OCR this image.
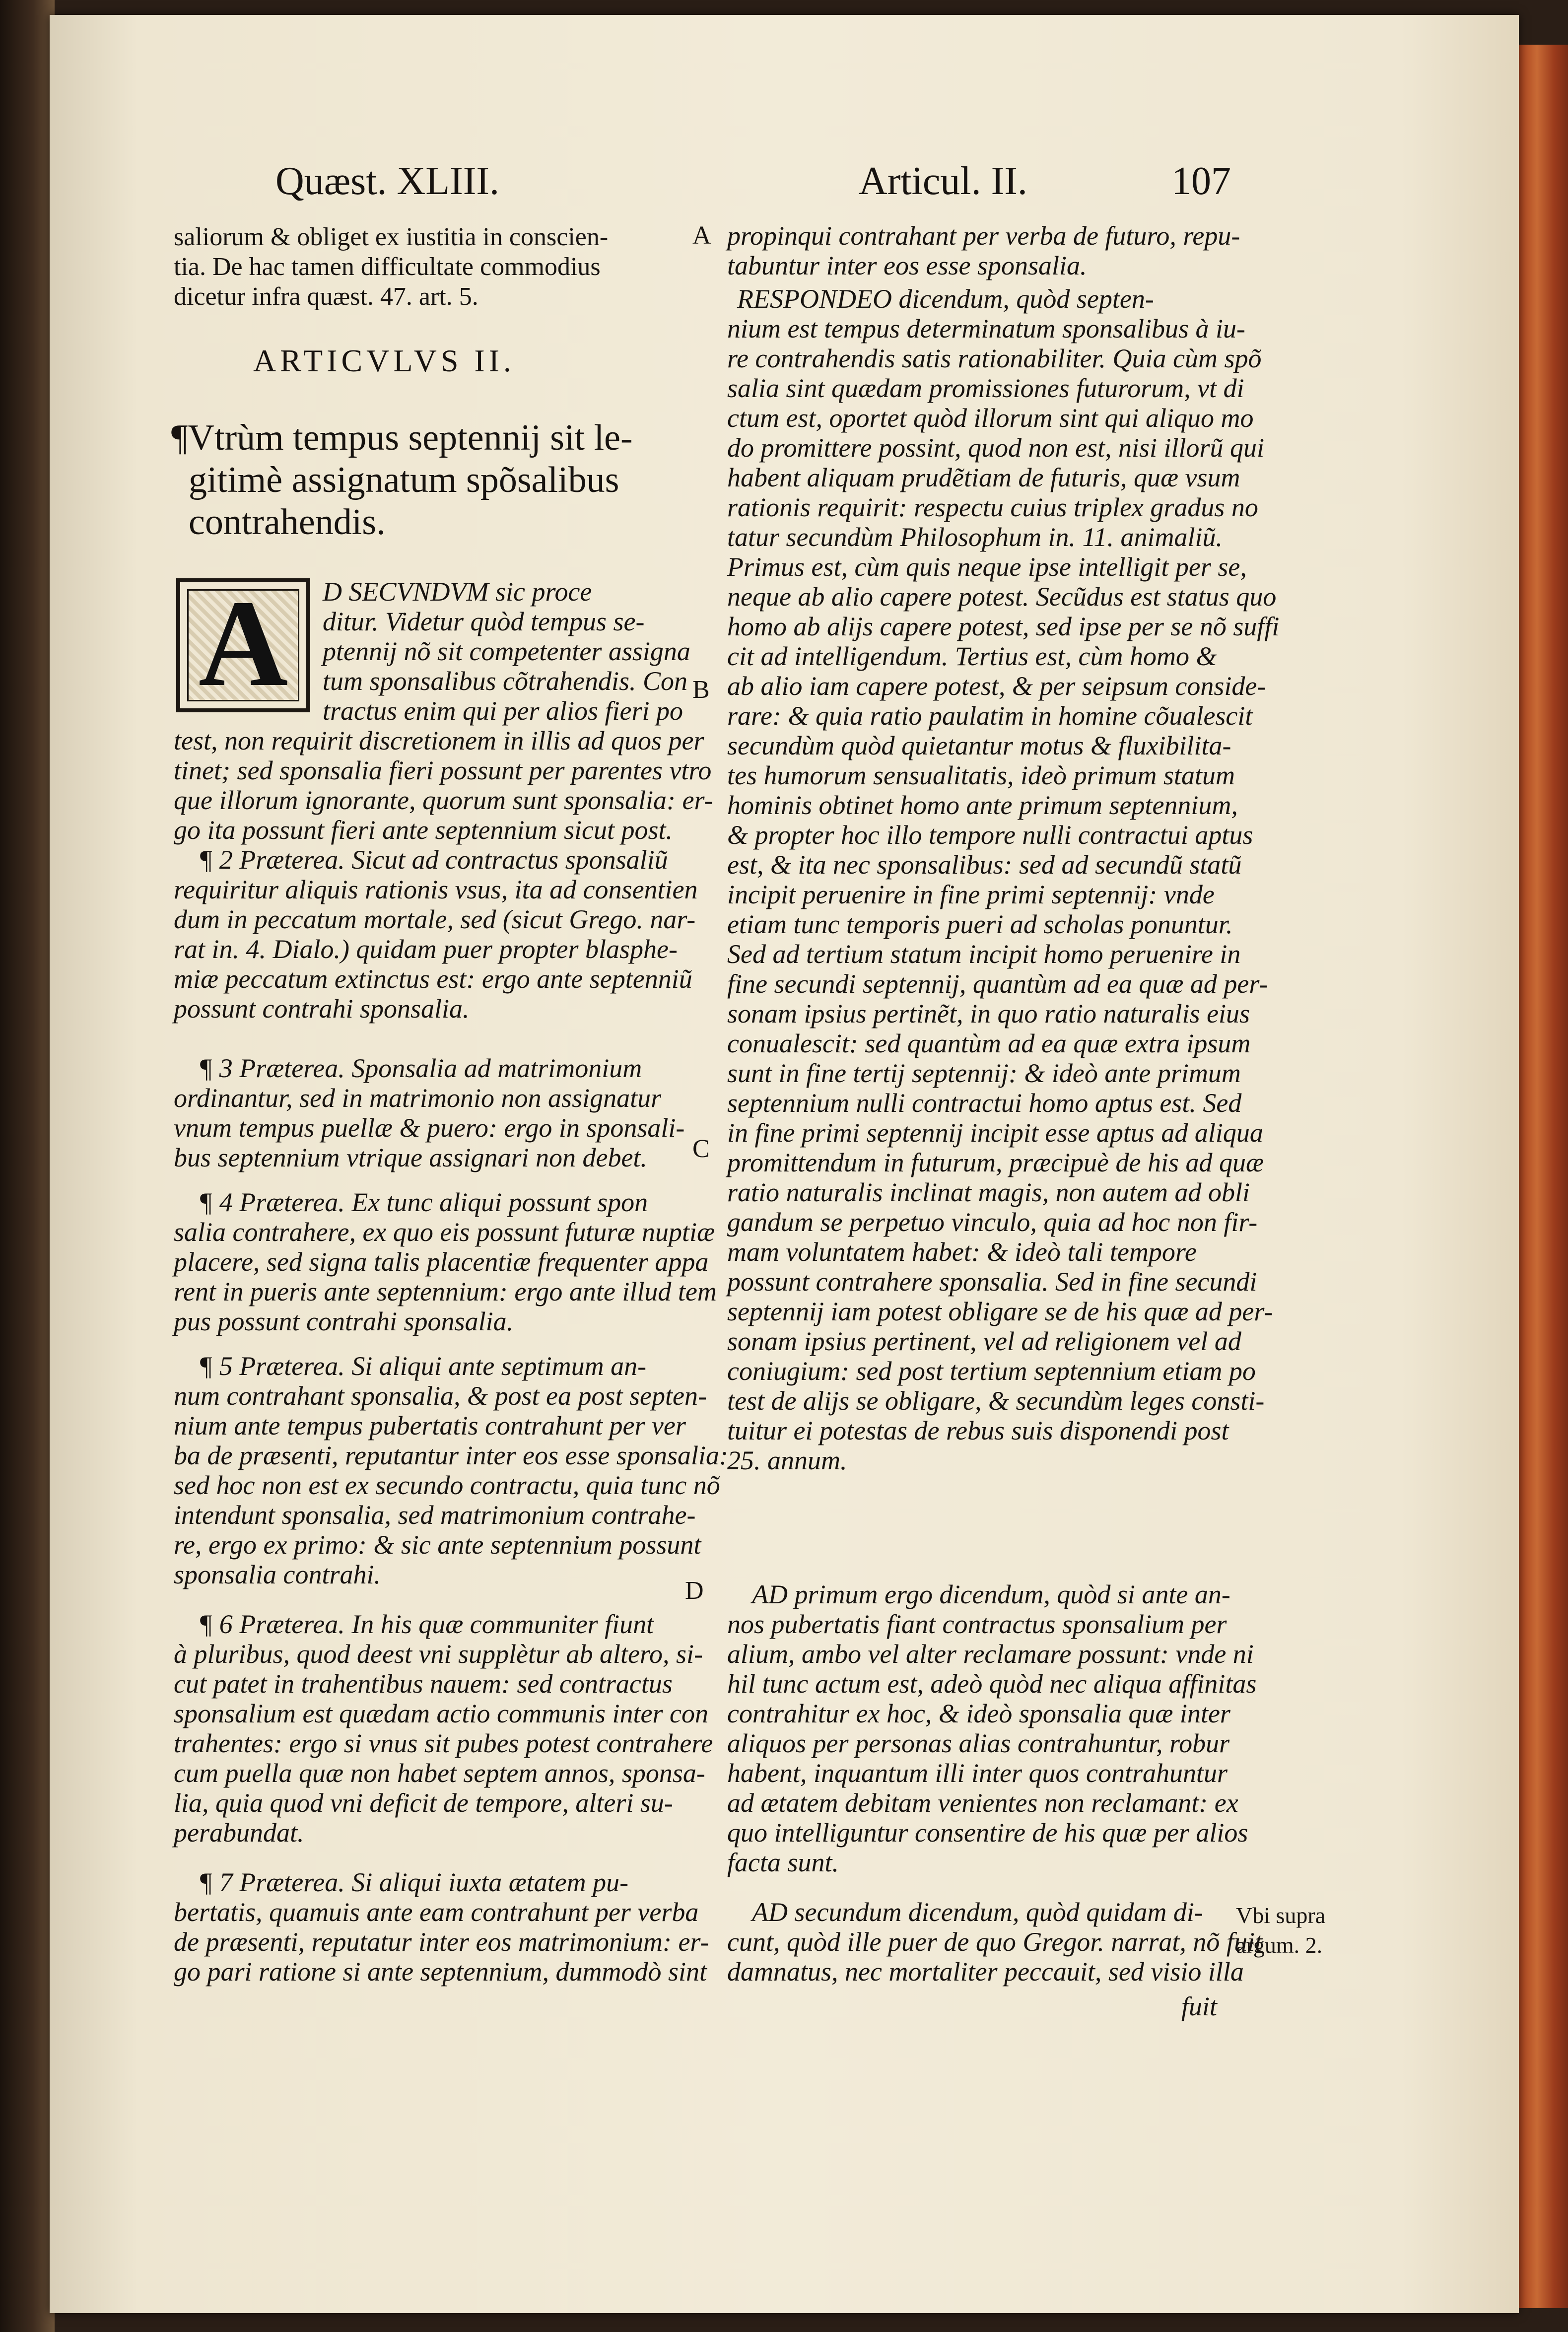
Quæst. XLIII.	Articul. II.	107
saliorum & obliget ex iustitia in conscien-
tia. De hac tamen difficultate commodius
dicetur infra quæst. 47. art. 5.
ARTICVLVS II.
¶Vtrùm tempus septennij sit le-
gitimè assignatum spõsalibus
contrahendis.
A	D SECVNDVM sic proce
ditur. Videtur quòd tempus se-
ptennij nõ sit competenter assigna
tum sponsalibus cõtrahendis. Con
tractus enim qui per alios fieri po
test, non requirit discretionem in illis ad quos per
tinet; sed sponsalia fieri possunt per parentes vtro
que illorum ignorante, quorum sunt sponsalia: er-
go ita possunt fieri ante septennium sicut post.
¶ 2 Præterea. Sicut ad contractus sponsaliũ
requiritur aliquis rationis vsus, ita ad consentien
dum in peccatum mortale, sed (sicut Grego. nar-
rat in. 4. Dialo.) quidam puer propter blasphe-
miæ peccatum extinctus est: ergo ante septenniũ
possunt contrahi sponsalia.
¶ 3 Præterea. Sponsalia ad matrimonium
ordinantur, sed in matrimonio non assignatur
vnum tempus puellæ & puero: ergo in sponsali-
bus septennium vtrique assignari non debet.
¶ 4 Præterea. Ex tunc aliqui possunt spon
salia contrahere, ex quo eis possunt futuræ nuptiæ
placere, sed signa talis placentiæ frequenter appa
rent in pueris ante septennium: ergo ante illud tem
pus possunt contrahi sponsalia.
¶ 5 Præterea. Si aliqui ante septimum an-
num contrahant sponsalia, & post ea post septen-
nium ante tempus pubertatis contrahunt per ver
ba de præsenti, reputantur inter eos esse sponsalia:
sed hoc non est ex secundo contractu, quia tunc nõ
intendunt sponsalia, sed matrimonium contrahe-
re, ergo ex primo: & sic ante septennium possunt
sponsalia contrahi.
¶ 6 Præterea. In his quæ communiter fiunt
à pluribus, quod deest vni supplètur ab altero, si-
cut patet in trahentibus nauem: sed contractus
sponsalium est quædam actio communis inter con
trahentes: ergo si vnus sit pubes potest contrahere
cum puella quæ non habet septem annos, sponsa-
lia, quia quod vni deficit de tempore, alteri su-
perabundat.
¶ 7 Præterea. Si aliqui iuxta ætatem pu-
bertatis, quamuis ante eam contrahunt per verba
de præsenti, reputatur inter eos matrimonium: er-
go pari ratione si ante septennium, dummodò sint
A
B
C
D
propinqui contrahant per verba de futuro, repu-
tabuntur inter eos esse sponsalia.
RESPONDEO dicendum, quòd septen-
nium est tempus determinatum sponsalibus à iu-
re contrahendis satis rationabiliter. Quia cùm spõ
salia sint quædam promissiones futurorum, vt di
ctum est, oportet quòd illorum sint qui aliquo mo
do promittere possint, quod non est, nisi illorũ qui
habent aliquam prudẽtiam de futuris, quæ vsum
rationis requirit: respectu cuius triplex gradus no
tatur secundùm Philosophum in. 11. animaliũ.
Primus est, cùm quis neque ipse intelligit per se,
neque ab alio capere potest. Secũdus est status quo
homo ab alijs capere potest, sed ipse per se nõ suffi
cit ad intelligendum. Tertius est, cùm homo &
ab alio iam capere potest, & per seipsum conside-
rare: & quia ratio paulatim in homine cõualescit
secundùm quòd quietantur motus & fluxibilita-
tes humorum sensualitatis, ideò primum statum
hominis obtinet homo ante primum septennium,
& propter hoc illo tempore nulli contractui aptus
est, & ita nec sponsalibus: sed ad secundũ statũ
incipit peruenire in fine primi septennij: vnde
etiam tunc temporis pueri ad scholas ponuntur.
Sed ad tertium statum incipit homo peruenire in
fine secundi septennij, quantùm ad ea quæ ad per-
sonam ipsius pertinẽt, in quo ratio naturalis eius
conualescit: sed quantùm ad ea quæ extra ipsum
sunt in fine tertij septennij: & ideò ante primum
septennium nulli contractui homo aptus est. Sed
in fine primi septennij incipit esse aptus ad aliqua
promittendum in futurum, præcipuè de his ad quæ
ratio naturalis inclinat magis, non autem ad obli
gandum se perpetuo vinculo, quia ad hoc non fir-
mam voluntatem habet: & ideò tali tempore
possunt contrahere sponsalia. Sed in fine secundi
septennij iam potest obligare se de his quæ ad per-
sonam ipsius pertinent, vel ad religionem vel ad
coniugium: sed post tertium septennium etiam po
test de alijs se obligare, & secundùm leges consti-
tuitur ei potestas de rebus suis disponendi post
25. annum.
AD primum ergo dicendum, quòd si ante an-
nos pubertatis fiant contractus sponsalium per
alium, ambo vel alter reclamare possunt: vnde ni
hil tunc actum est, adeò quòd nec aliqua affinitas
contrahitur ex hoc, & ideò sponsalia quæ inter
aliquos per personas alias contrahuntur, robur
habent, inquantum illi inter quos contrahuntur
ad ætatem debitam venientes non reclamant: ex
quo intelliguntur consentire de his quæ per alios
facta sunt.
AD secundum dicendum, quòd quidam di-
cunt, quòd ille puer de quo Gregor. narrat, nõ fuit
damnatus, nec mortaliter peccauit, sed visio illa
fuit
Vbi supra
argum. 2.
